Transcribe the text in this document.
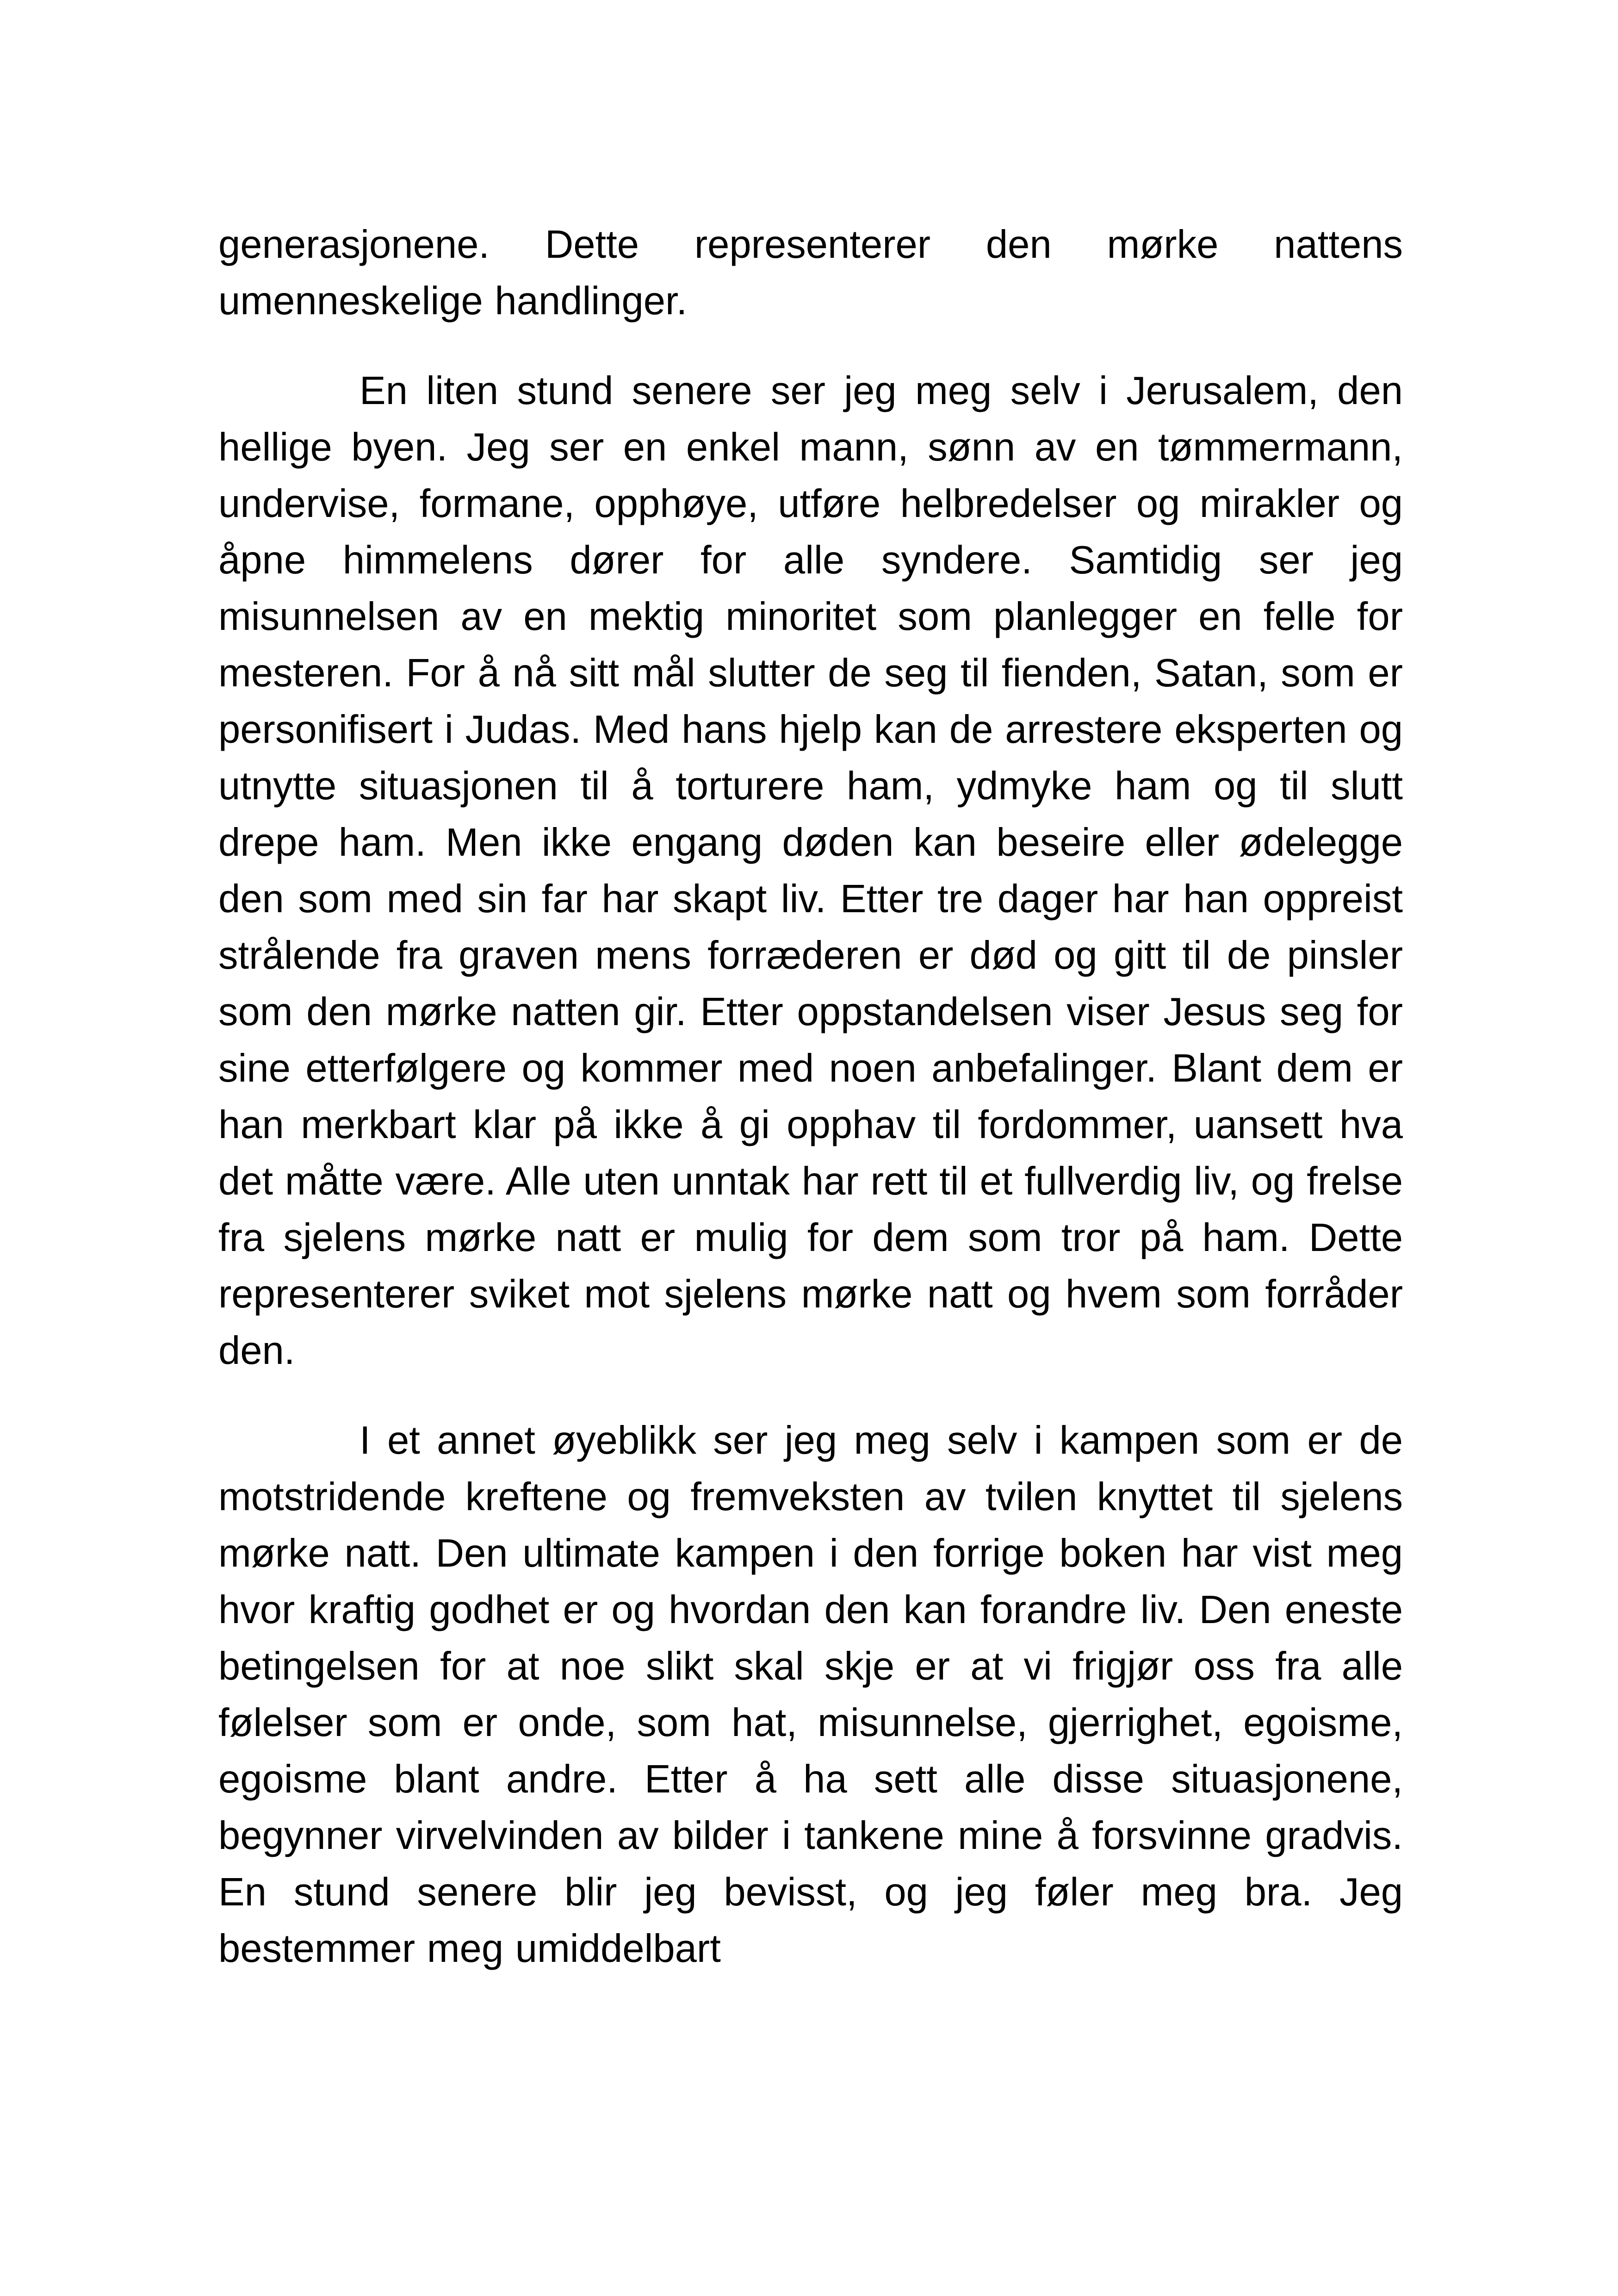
generasjonene. Dette representerer den mørke nattens umenneskelige handlinger.

En liten stund senere ser jeg meg selv i Jerusalem, den hellige byen. Jeg ser en enkel mann, sønn av en tømmermann, undervise, formane, opphøye, utføre helbredelser og mirakler og åpne himmelens dører for alle syndere. Samtidig ser jeg misunnelsen av en mektig minoritet som planlegger en felle for mesteren. For å nå sitt mål slutter de seg til fienden, Satan, som er personifisert i Judas. Med hans hjelp kan de arrestere eksperten og utnytte situasjonen til å torturere ham, ydmyke ham og til slutt drepe ham. Men ikke engang døden kan beseire eller ødelegge den som med sin far har skapt liv. Etter tre dager har han oppreist strålende fra graven mens forræderen er død og gitt til de pinsler som den mørke natten gir. Etter oppstandelsen viser Jesus seg for sine etterfølgere og kommer med noen anbefalinger. Blant dem er han merkbart klar på ikke å gi opphav til fordommer, uansett hva det måtte være. Alle uten unntak har rett til et fullverdig liv, og frelse fra sjelens mørke natt er mulig for dem som tror på ham. Dette representerer sviket mot sjelens mørke natt og hvem som forråder den.

I et annet øyeblikk ser jeg meg selv i kampen som er de motstridende kreftene og fremveksten av tvilen knyttet til sjelens mørke natt. Den ultimate kampen i den forrige boken har vist meg hvor kraftig godhet er og hvordan den kan forandre liv. Den eneste betingelsen for at noe slikt skal skje er at vi frigjør oss fra alle følelser som er onde, som hat, misunnelse, gjerrighet, egoisme, egoisme blant andre. Etter å ha sett alle disse situasjonene, begynner virvelvinden av bilder i tankene mine å forsvinne gradvis. En stund senere blir jeg bevisst, og jeg føler meg bra. Jeg bestemmer meg umiddelbart
